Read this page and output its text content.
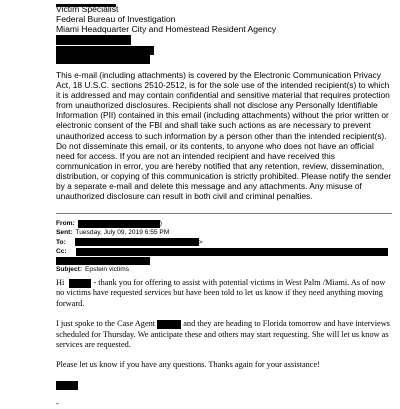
Victim Specialist
Federal Bureau of Investigation
Miami Headquarter City and Homestead Resident Agency
This e-mail (including attachments) is covered by the Electronic Communication Privacy Act, 18 U.S.C. sections 2510-2512, is for the sole use of the intended recipient(s) to which it is addressed and may contain confidential and sensitive material that requires protection from unauthorized disclosures. Recipients shall not disclose any Personally Identifiable Information (PII) contained in this email (including attachments) without the prior written or electronic consent of the FBI and shall take such actions as are necessary to prevent unauthorized access to such information by a person other than the intended recipient(s). Do not disseminate this email, or its contents, to anyone who does not have an official need for access. If you are not an intended recipient and have received this communication in error, you are hereby notified that any retention, review, dissemination, distribution, or copying of this communication is strictly prohibited. Please notify the sender by a separate e-mail and delete this message and any attachments. Any misuse of unauthorized disclosure can result in both civil and criminal penalties.
From:	)
Sent: Tuesday, July 09, 2019 6:55 PM
To:	>
Cc:
Subject: Epstein victims

Hi	- thank you for offering to assist with potential victims in West Palm /Miami. As of now no victims have requested services but have been told to let us know if they need anything moving forward.

I just spoke to the Case Agent	and they are heading to Florida tomorrow and have interviews scheduled for Thursday. We anticipate these and others may start requesting. She will let us know as services are requested.

Please let us know if you have any questions. Thanks again for your assistance!

-
